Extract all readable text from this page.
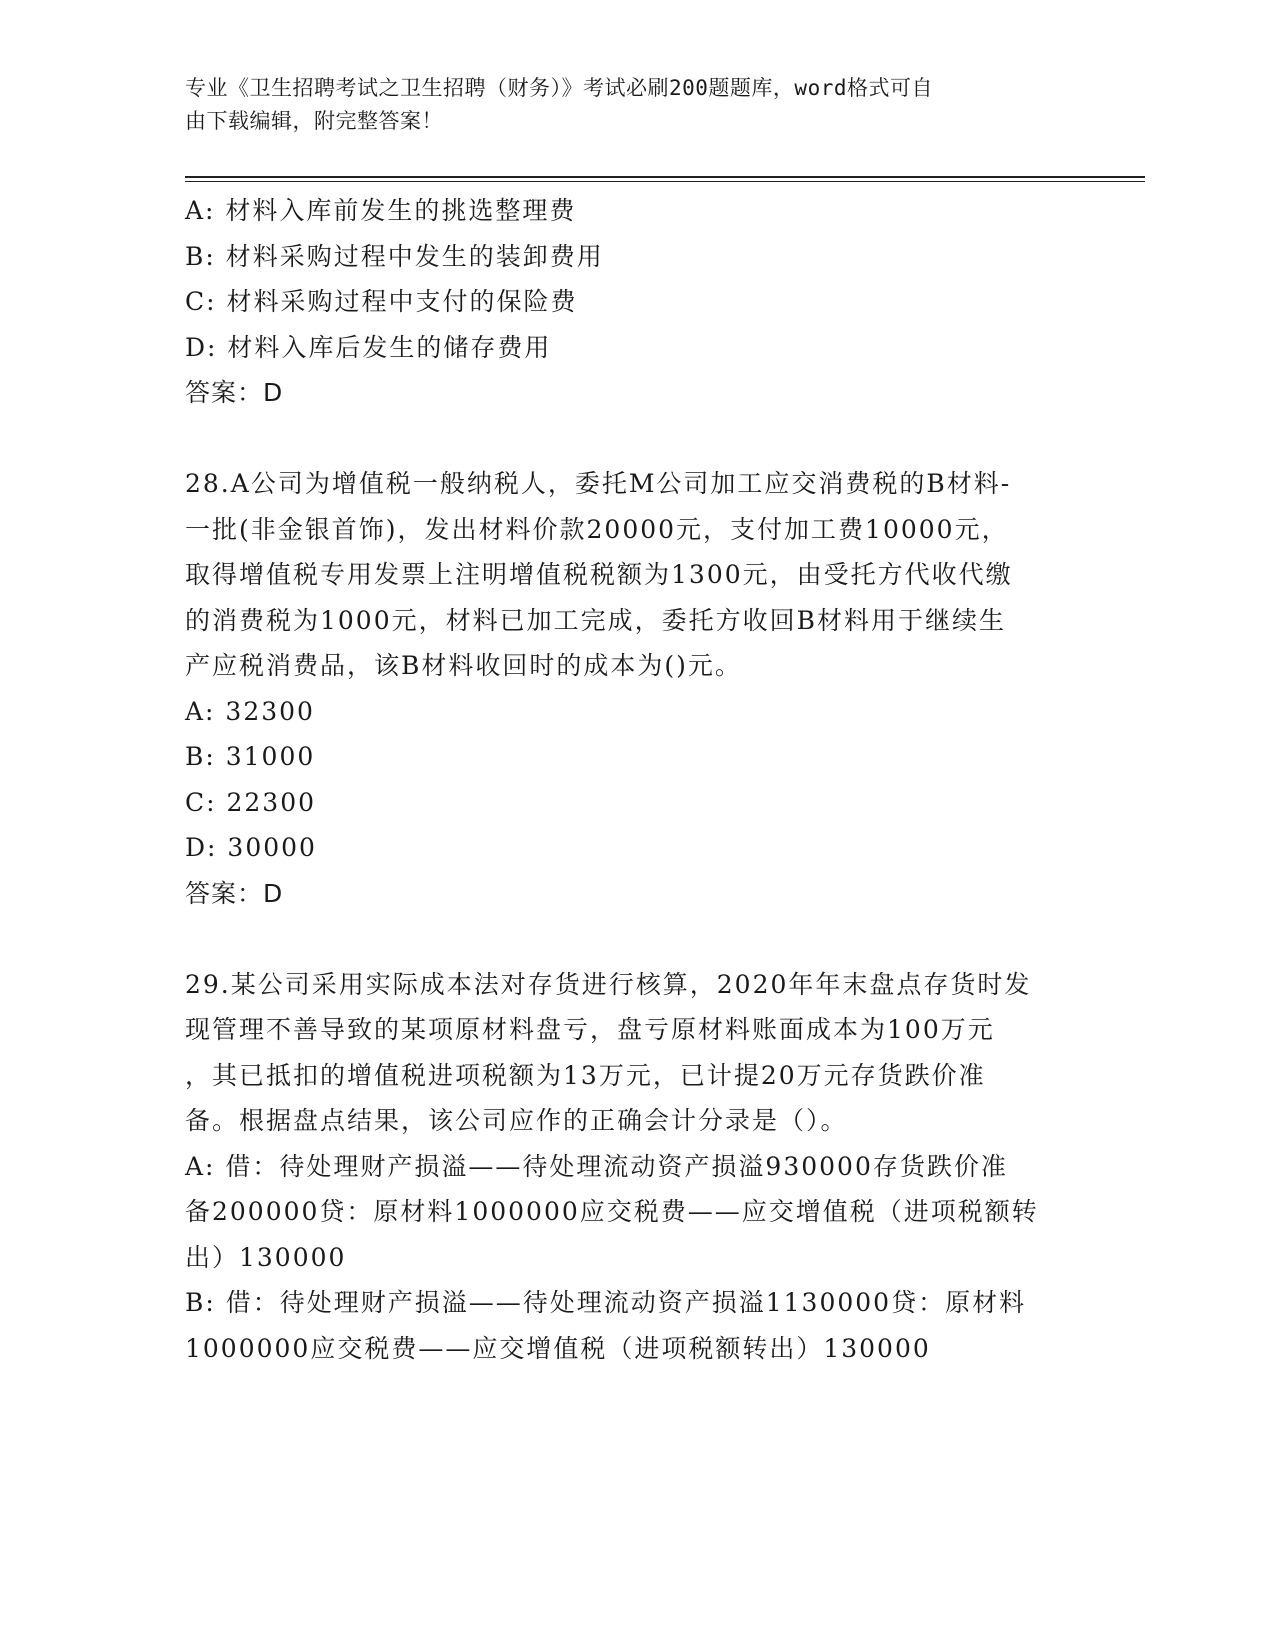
专业《卫生招聘考试之卫生招聘（财务）》考试必刷200题题库，word格式可自
由下载编辑，附完整答案！
A: 材料入库前发生的挑选整理费
B: 材料采购过程中发生的装卸费用
C: 材料采购过程中支付的保险费
D: 材料入库后发生的储存费用
答案：D
28.A公司为增值税一般纳税人，委托M公司加工应交消费税的B材料-
一批(非金银首饰)，发出材料价款20000元，支付加工费10000元，
取得增值税专用发票上注明增值税税额为1300元，由受托方代收代缴
的消费税为1000元，材料已加工完成，委托方收回B材料用于继续生
产应税消费品，该B材料收回时的成本为()元。
A: 32300
B: 31000
C: 22300
D: 30000
答案：D
29.某公司采用实际成本法对存货进行核算，2020年年末盘点存货时发
现管理不善导致的某项原材料盘亏，盘亏原材料账面成本为100万元
，其已抵扣的增值税进项税额为13万元，已计提20万元存货跌价准
备。根据盘点结果，该公司应作的正确会计分录是（）。
A: 借：待处理财产损溢——待处理流动资产损溢930000存货跌价准
备200000贷：原材料1000000应交税费——应交增值税（进项税额转
出）130000
B: 借：待处理财产损溢——待处理流动资产损溢1130000贷：原材料
1000000应交税费——应交增值税（进项税额转出）130000
